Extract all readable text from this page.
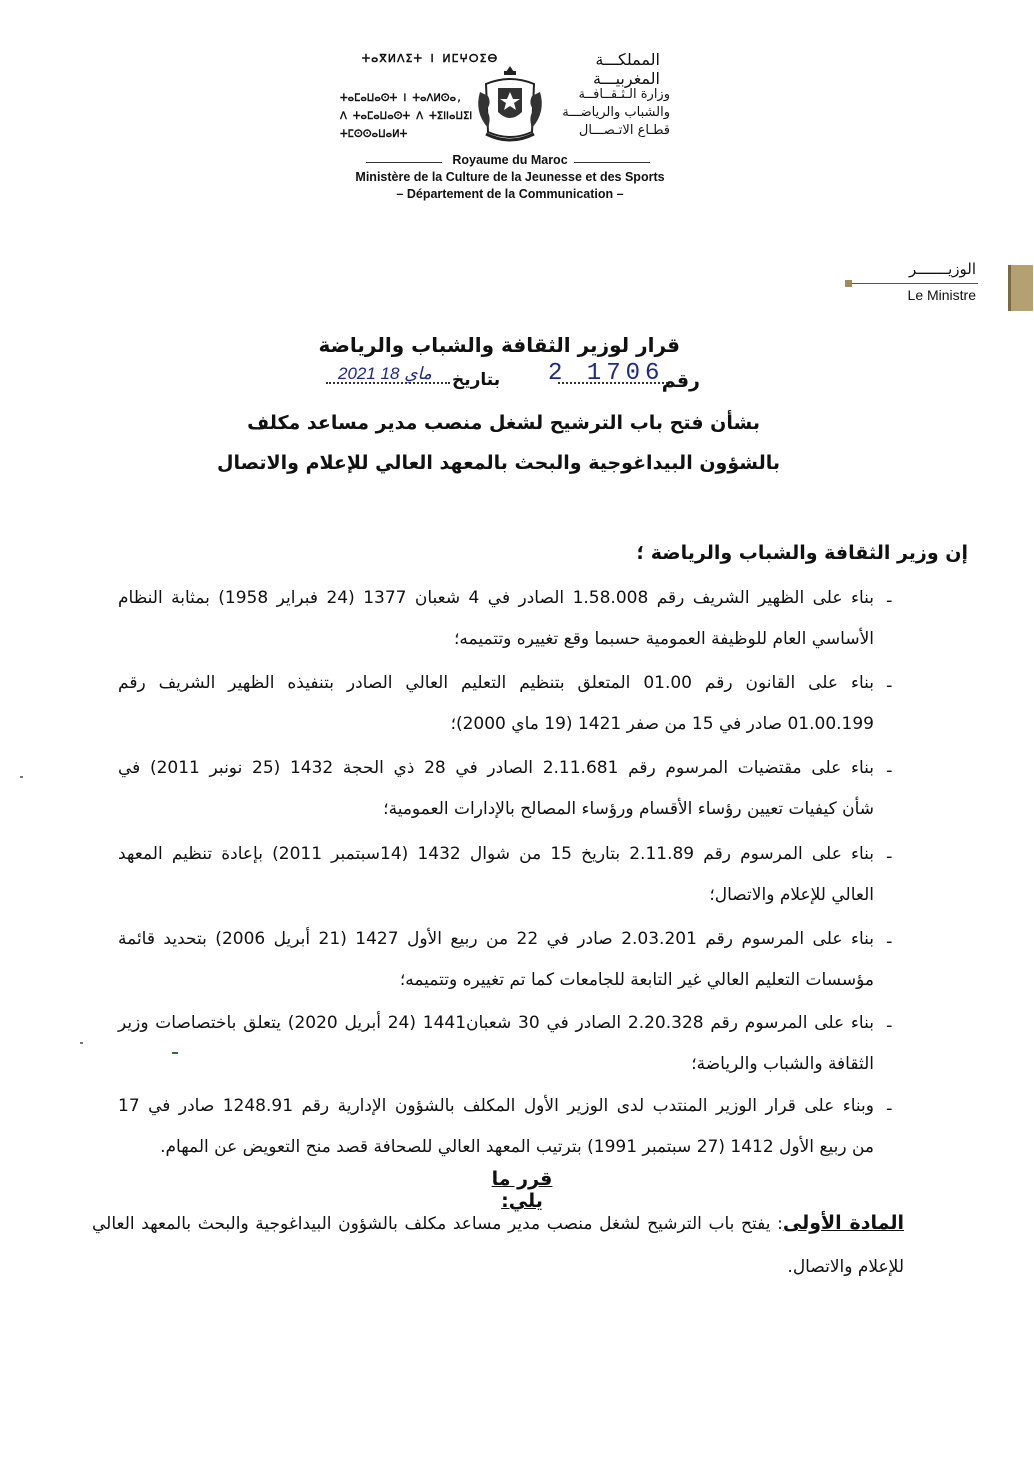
المملكـــة المغربيـــة
وزارة الـثـقــافــة
والشباب والرياضـــة
قطـاع الاتـصـــال
ⵜⴰⴳⵍⴷⵉⵜ ⵏ ⵍⵎⵖⵔⵉⴱ
ⵜⴰⵎⴰⵡⴰⵙⵜ ⵏ ⵜⴰⴷⵍⵙⴰ,
ⴷ ⵜⴰⵎⴰⵡⴰⵙⵜ ⴷ ⵜⵉⵏⵏⴰⵡⵉⵏ
ⵜⵎⵙⵙⴰⵡⴰⵍⵜ
Royaume du Maroc
Ministère de la Culture de la Jeunesse et des Sports
– Département de la Communication –
الوزيـــــــر
Le Ministre
قرار لوزير الثقافة والشباب والرياضة
رقم
2 1706
بتاريخ
2021 ماي 18
بشأن فتح باب الترشيح لشغل منصب مدير مساعد مكلف
بالشؤون البيداغوجية والبحث بالمعهد العالي للإعلام والاتصال
إن وزير الثقافة والشباب والرياضة ؛
-
بناء على الظهير الشريف رقم 1.58.008 الصادر في 4 شعبان 1377 (24 فبراير 1958) بمثابة النظام
الأساسي العام للوظيفة العمومية حسبما وقع تغييره وتتميمه؛
-
بناء على القانون رقم 01.00 المتعلق بتنظيم التعليم العالي الصادر بتنفيذه الظهير الشريف رقم
01.00.199 صادر في 15 من صفر 1421 (19 ماي 2000)؛
-
بناء على مقتضيات المرسوم رقم 2.11.681 الصادر في 28 ذي الحجة 1432 (25 نونبر 2011) في
شأن كيفيات تعيين رؤساء الأقسام ورؤساء المصالح بالإدارات العمومية؛
-
بناء على المرسوم رقم 2.11.89 بتاريخ 15 من شوال 1432 (14سبتمبر 2011) بإعادة تنظيم المعهد
العالي للإعلام والاتصال؛
-
بناء على المرسوم رقم 2.03.201 صادر في 22 من ربيع الأول 1427 (21 أبريل 2006) بتحديد قائمة
مؤسسات التعليم العالي غير التابعة للجامعات كما تم تغييره وتتميمه؛
-
بناء على المرسوم رقم 2.20.328 الصادر في 30 شعبان1441 (24 أبريل 2020) يتعلق باختصاصات وزير
الثقافة والشباب والرياضة؛
-
وبناء على قرار الوزير المنتدب لدى الوزير الأول المكلف بالشؤون الإدارية رقم 1248.91 صادر في 17
من ربيع الأول 1412 (27 سبتمبر 1991) بترتيب المعهد العالي للصحافة قصد منح التعويض عن المهام.
قرر ما يلي:
المادة الأولى: يفتح باب الترشيح لشغل منصب مدير مساعد مكلف بالشؤون البيداغوجية والبحث بالمعهد العالي
للإعلام والاتصال.
